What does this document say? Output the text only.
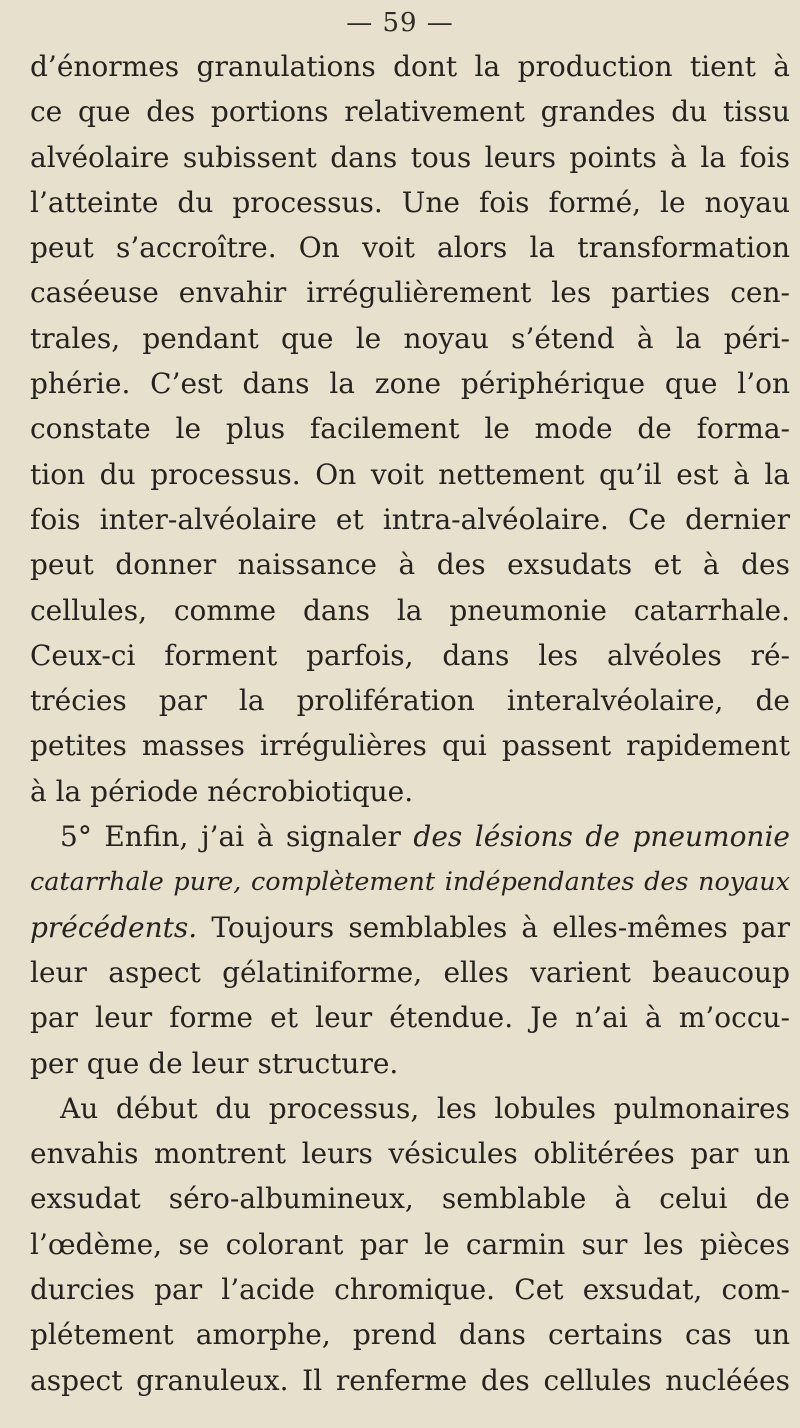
— 59 —
d’énormes granulations dont la production tient à
ce que des portions relativement grandes du tissu
alvéolaire subissent dans tous leurs points à la fois
l’atteinte du processus. Une fois formé, le noyau
peut s’accroître. On voit alors la transformation
caséeuse envahir irrégulièrement les parties cen-
trales, pendant que le noyau s’étend à la péri-
phérie. C’est dans la zone périphérique que l’on
constate le plus facilement le mode de forma-
tion du processus. On voit nettement qu’il est à la
fois inter-alvéolaire et intra-alvéolaire. Ce dernier
peut donner naissance à des exsudats et à des
cellules, comme dans la pneumonie catarrhale.
Ceux-ci forment parfois, dans les alvéoles ré-
trécies par la prolifération interalvéolaire, de
petites masses irrégulières qui passent rapidement
à la période nécrobiotique.
5° Enfin, j’ai à signaler des lésions de pneumonie
catarrhale pure, complètement indépendantes des noyaux
précédents. Toujours semblables à elles-mêmes par
leur aspect gélatiniforme, elles varient beaucoup
par leur forme et leur étendue. Je n’ai à m’occu-
per que de leur structure.
Au début du processus, les lobules pulmonaires
envahis montrent leurs vésicules oblitérées par un
exsudat séro-albumineux, semblable à celui de
l’œdème, se colorant par le carmin sur les pièces
durcies par l’acide chromique. Cet exsudat, com-
plétement amorphe, prend dans certains cas un
aspect granuleux. Il renferme des cellules nucléées
